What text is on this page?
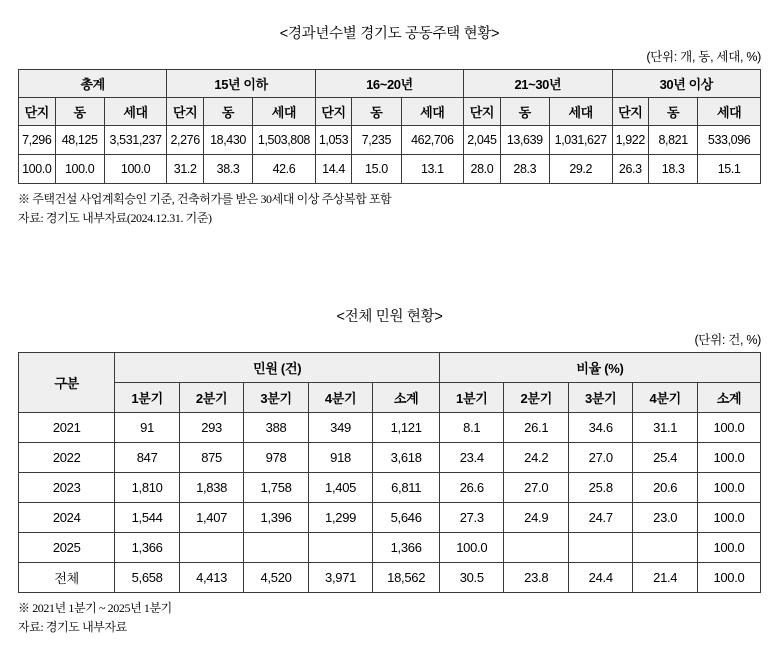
<경과년수별 경기도 공동주택 현황>
(단위: 개, 동, 세대, %)
총계			15년 이하			16~20년			21~30년			30년 이상		
단지	동	세대	단지	동	세대	단지	동	세대	단지	동	세대	단지	동	세대
7,296	48,125	3,531,237	2,276	18,430	1,503,808	1,053	7,235	462,706	2,045	13,639	1,031,627	1,922	8,821	533,096
100.0	100.0	100.0	31.2	38.3	42.6	14.4	15.0	13.1	28.0	28.3	29.2	26.3	18.3	15.1
※ 주택건설 사업계획승인 기준, 건축허가를 받은 30세대 이상 주상복합 포함
자료: 경기도 내부자료(2024.12.31. 기준)
<전체 민원 현황>
(단위: 건, %)
구분	민원 (건)					비율 (%)				
	1분기	2분기	3분기	4분기	소계	1분기	2분기	3분기	4분기	소계
2021	91	293	388	349	1,121	8.1	26.1	34.6	31.1	100.0
2022	847	875	978	918	3,618	23.4	24.2	27.0	25.4	100.0
2023	1,810	1,838	1,758	1,405	6,811	26.6	27.0	25.8	20.6	100.0
2024	1,544	1,407	1,396	1,299	5,646	27.3	24.9	24.7	23.0	100.0
2025	1,366				1,366	100.0				100.0
전체	5,658	4,413	4,520	3,971	18,562	30.5	23.8	24.4	21.4	100.0
※ 2021년 1분기 ~ 2025년 1분기
자료: 경기도 내부자료
